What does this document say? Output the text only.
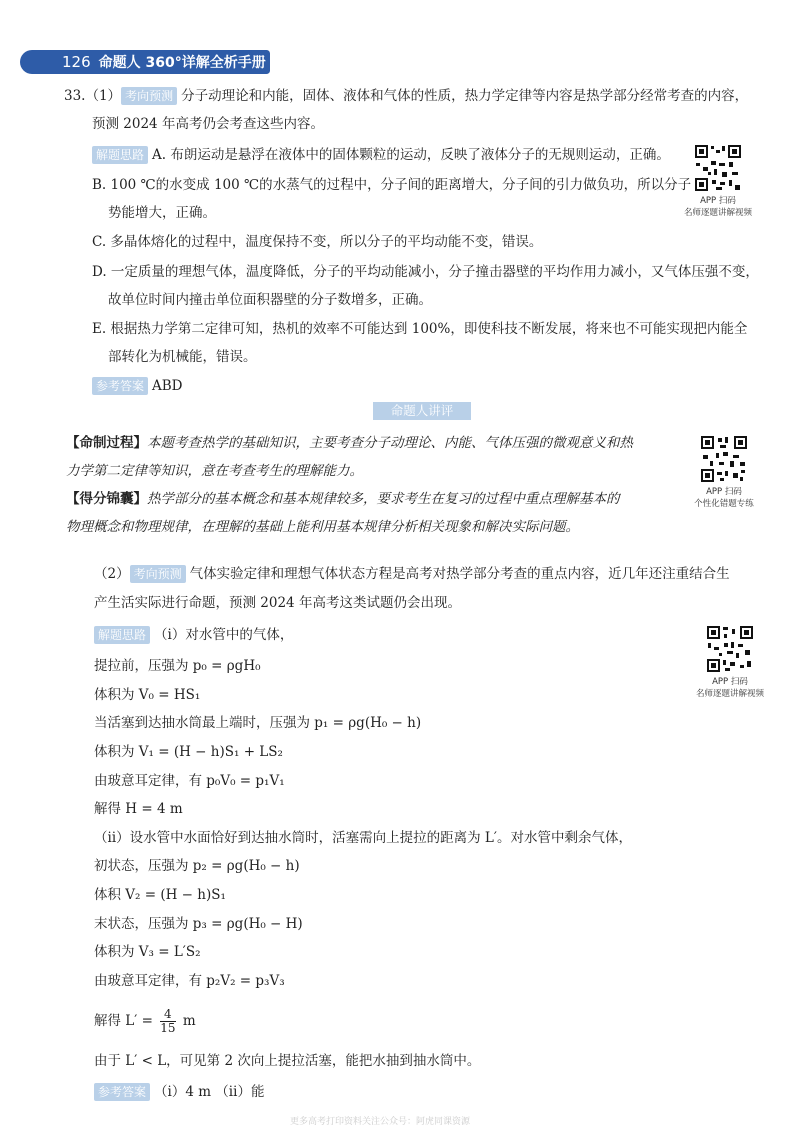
126 命题人 360°详解全析手册
33.（1） 考向预测 分子动理论和内能，固体、液体和气体的性质，热力学定律等内容是热学部分经常考查的内容，
预测 2024 年高考仍会考查这些内容。
解题思路 A. 布朗运动是悬浮在液体中的固体颗粒的运动，反映了液体分子的无规则运动，正确。
B. 100 ℃的水变成 100 ℃的水蒸气的过程中，分子间的距离增大，分子间的引力做负功，所以分子
势能增大，正确。
C. 多晶体熔化的过程中，温度保持不变，所以分子的平均动能不变，错误。
D. 一定质量的理想气体，温度降低，分子的平均动能减小，分子撞击器壁的平均作用力减小，又气体压强不变，
故单位时间内撞击单位面积器壁的分子数增多，正确。
E. 根据热力学第二定律可知，热机的效率不可能达到 100%，即使科技不断发展，将来也不可能实现把内能全
部转化为机械能，错误。
参考答案 ABD
APP 扫码
名师逐题讲解视频
命题人讲评
【命制过程】本题考查热学的基础知识，主要考查分子动理论、内能、气体压强的微观意义和热
力学第二定律等知识，意在考查考生的理解能力。
【得分锦囊】热学部分的基本概念和基本规律较多，要求考生在复习的过程中重点理解基本的
物理概念和物理规律，在理解的基础上能利用基本规律分析相关现象和解决实际问题。
APP 扫码
个性化错题专练
（2） 考向预测 气体实验定律和理想气体状态方程是高考对热学部分考查的重点内容，近几年还注重结合生
产生活实际进行命题，预测 2024 年高考这类试题仍会出现。
解题思路 （ⅰ）对水管中的气体，
提拉前，压强为 p₀ = ρgH₀
体积为 V₀ = HS₁
当活塞到达抽水筒最上端时，压强为 p₁ = ρg(H₀ − h)
体积为 V₁ = (H − h)S₁ + LS₂
由玻意耳定律，有 p₀V₀ = p₁V₁
解得 H = 4 m
（ⅱ）设水管中水面恰好到达抽水筒时，活塞需向上提拉的距离为 L′。对水管中剩余气体，
初状态，压强为 p₂ = ρg(H₀ − h)
体积 V₂ = (H − h)S₁
末状态，压强为 p₃ = ρg(H₀ − H)
体积为 V₃ = L′S₂
由玻意耳定律，有 p₂V₂ = p₃V₃
解得 $L' = \frac{4}{15}$ m
由于 L′ < L，可见第 2 次向上提拉活塞，能把水抽到抽水筒中。
参考答案 （ⅰ）4 m （ⅱ）能
APP 扫码
名师逐题讲解视频
更多高考打印资料关注公众号：阿虎同课资源
